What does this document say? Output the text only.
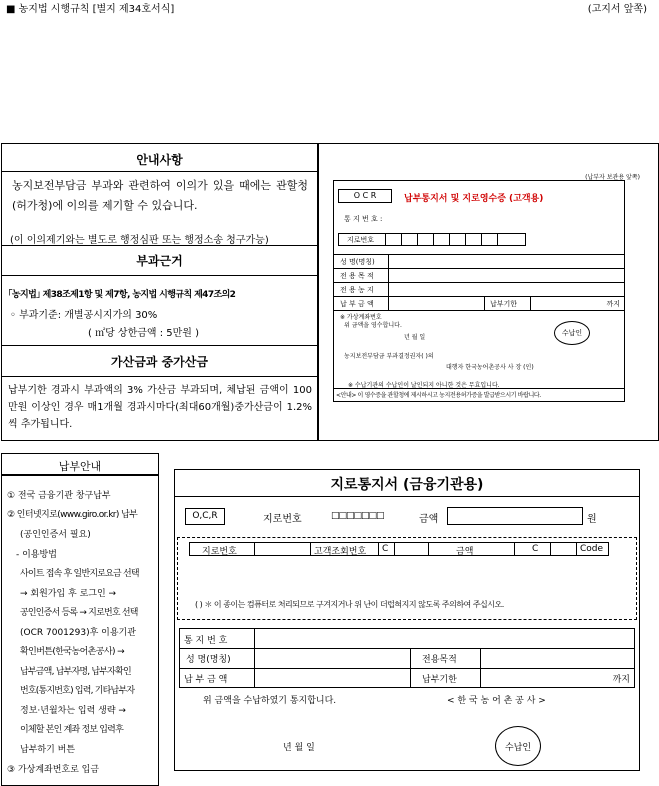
■ 농지법 시행규칙 [별지 제34호서식]	(고지서 앞쪽)
안내사항
농지보전부담금 부과와 관련하여 이의가 있을 때에는 관할청(허가청)에 이의를 제기할 수 있습니다.
(이 이의제기와는 별도로 행정심판 또는 행정소송 청구가능)
부과근거
｢농지법｣ 제38조제1항 및 제7항, 농지법 시행규칙 제47조의2
◦ 부과기준: 개별공시지가의 30%
( ㎡당 상한금액 : 5만원 )
가산금과 중가산금
납부기한 경과시 부과액의 3% 가산금 부과되며, 체납된 금액이 100만원 이상인 경우 매1개월 경과시마다(최대60개월)중가산금이 1.2%씩 추가됩니다.
(납부자 보관용 앞쪽)
O C R	납부통지서 및 지로영수증 (고객용)
통 지 번 호 :
지로번호
성 명(명칭)
전 용 목 적
전 용 농 지
납 부 금 액	납부기한	까지
※ 가상계좌번호
위 금액을 영수합니다.
년 월 일
수납인
농지보전부담금 부과결정권자( )의
대행자 한국농어촌공사 사 장 (인)
※ 수납기관의 수납인이 날인되지 아니한 것은 무효입니다.
<안내> 이 영수증을 관할청에 제시하시고 농지전용허가증을 발급받으시기 바랍니다.
납부안내
① 전국 금융기관 창구납부
② 인터넷지로(www.giro.or.kr) 납부
(공인인증서 필요)
- 이용방법
사이트 접속 후 일반지로요금 선택
→ 회원가입 후 로그인 →
공인인증서 등록 → 지로번호 선택
(OCR 7001293)후 이용기관
확인버튼(한국농어촌공사) →
납부금액, 납부자명, 납부자확인
번호(통지번호) 입력, 기타납부자
정보·년월차는 입력 생략 →
이체할 본인 계좌 정보 입력후
납부하기 버튼
③ 가상계좌번호로 입금
지로통지서 (금융기관용)
O,C,R	지로번호	□□□□□□□	금액	원
지로번호	고객조회번호 C	금액	C	Code
( ) ＊ 이 종이는 컴퓨터로 처리되므로 구겨지거나 위 난이 더럽혀지지 않도록 주의하여 주십시오.
통 지 번 호
성 명(명칭)	전용목적
납 부 금 액	납부기한	까지
위 금액을 수납하였기 통지합니다.	< 한 국 농 어 촌 공 사 >
년 월 일	수납인
